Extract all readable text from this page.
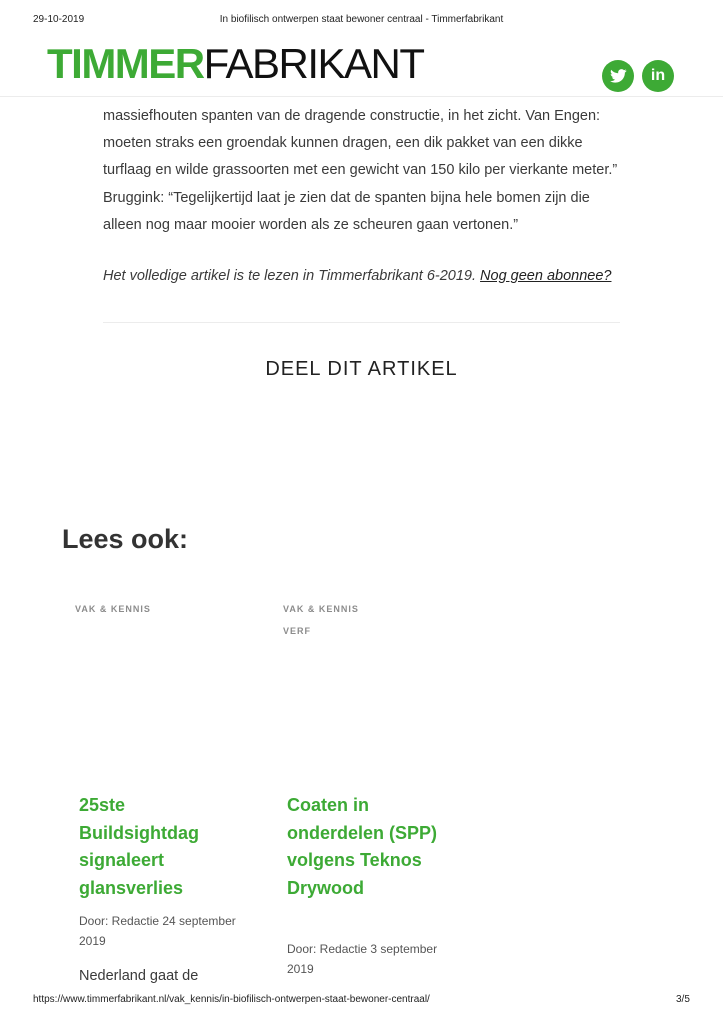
29-10-2019	In biofilisch ontwerpen staat bewoner centraal - Timmerfabrikant
TIMMERFABRIKANT	in

massiefhouten spanten van de dragende constructie, in het zicht. Van Engen:

moeten straks een groendak kunnen dragen, een dik pakket van een dikke turflaag en wilde grassoorten met een gewicht van 150 kilo per vierkante meter.” Bruggink: “Tegelijkertijd laat je zien dat de spanten bijna hele bomen zijn die alleen nog maar mooier worden als ze scheuren gaan vertonen.”

Het volledige artikel is te lezen in Timmerfabrikant 6-2019. Nog geen abonnee?
DEEL DIT ARTIKEL
Lees ook:
VAK & KENNIS
25ste Buildsightdag signaleert glansverlies
Door: Redactie 24 september 2019
Nederland gaat de
VAK & KENNIS
VERF
Coaten in onderdelen (SPP) volgens Teknos Drywood
Door: Redactie 3 september 2019
https://www.timmerfabrikant.nl/vak_kennis/in-biofilisch-ontwerpen-staat-bewoner-centraal/	3/5
